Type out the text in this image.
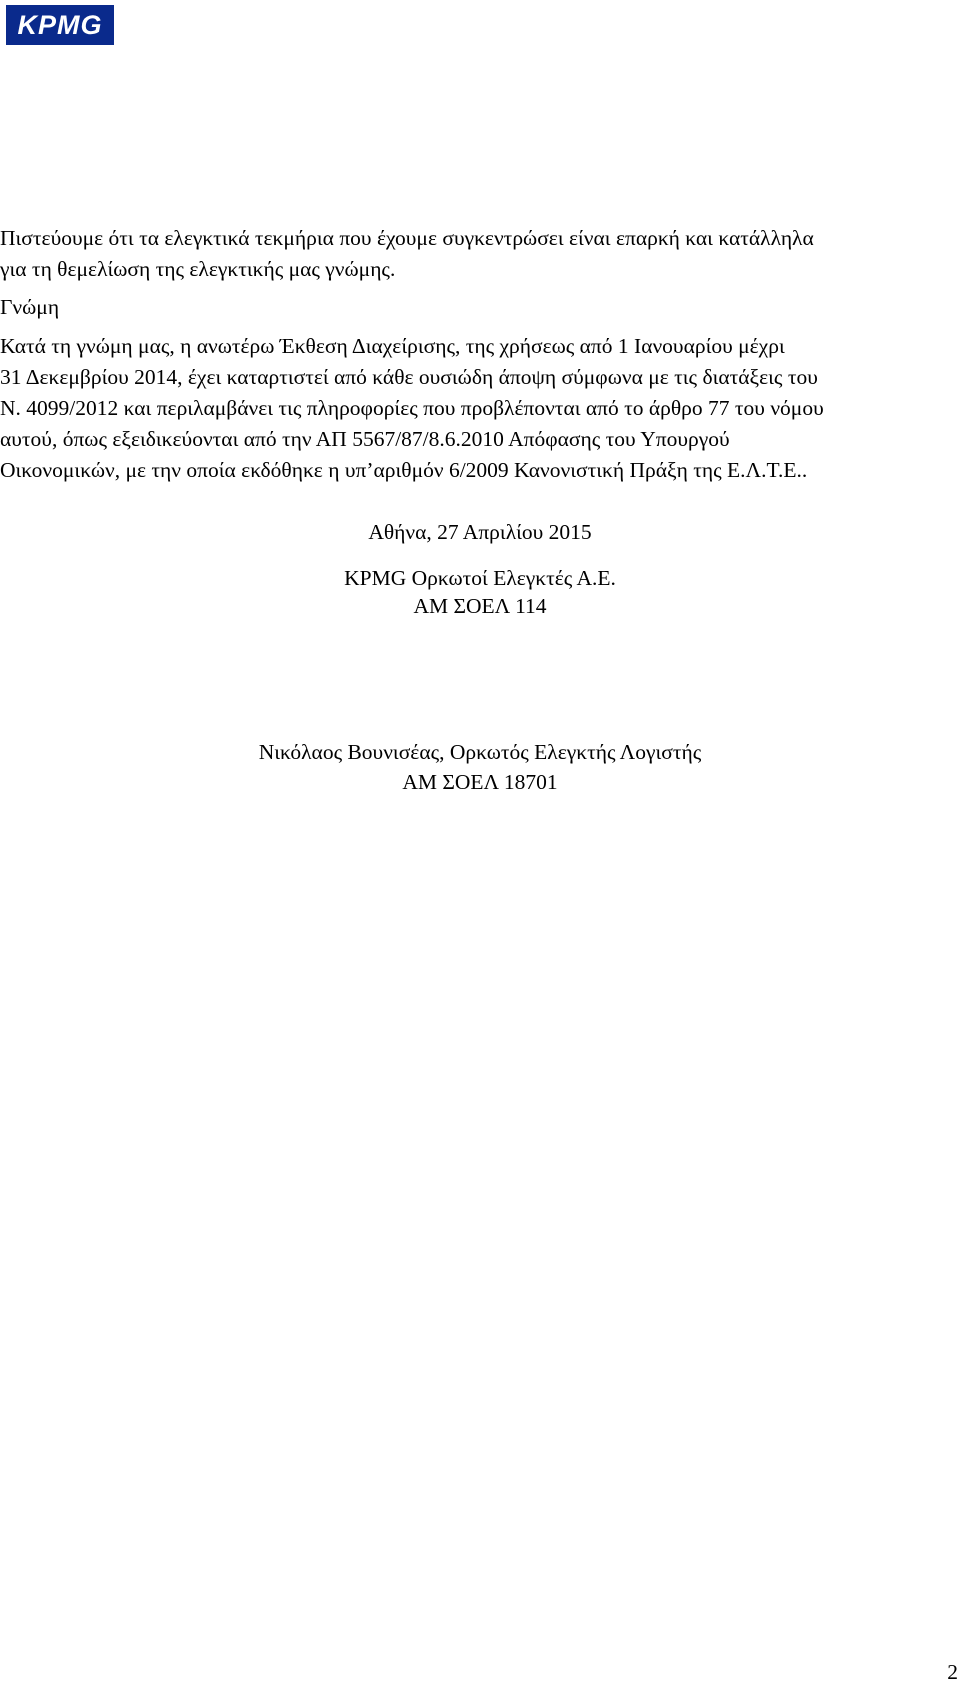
KPMG

Πιστεύουμε ότι τα ελεγκτικά τεκμήρια που έχουμε συγκεντρώσει είναι επαρκή και κατάλληλα

για τη θεμελίωση της ελεγκτικής μας γνώμης.

Γνώμη

Κατά τη γνώμη μας, η ανωτέρω Έκθεση Διαχείρισης, της χρήσεως από 1 Ιανουαρίου μέχρι

31 Δεκεμβρίου 2014, έχει καταρτιστεί από κάθε ουσιώδη άποψη σύμφωνα με τις διατάξεις του

Ν. 4099/2012 και περιλαμβάνει τις πληροφορίες που προβλέπονται από το άρθρο 77 του νόμου

αυτού, όπως εξειδικεύονται από την ΑΠ 5567/87/8.6.2010 Απόφασης του Υπουργού

Οικονομικών, με την οποία εκδόθηκε η υπ’αριθμόν 6/2009 Κανονιστική Πράξη της Ε.Λ.Τ.Ε..

Αθήνα, 27 Απριλίου 2015

KPMG Ορκωτοί Ελεγκτές Α.Ε.

ΑΜ ΣΟΕΛ 114

Νικόλαος Βουνισέας, Ορκωτός Ελεγκτής Λογιστής

ΑΜ ΣΟΕΛ 18701

2
